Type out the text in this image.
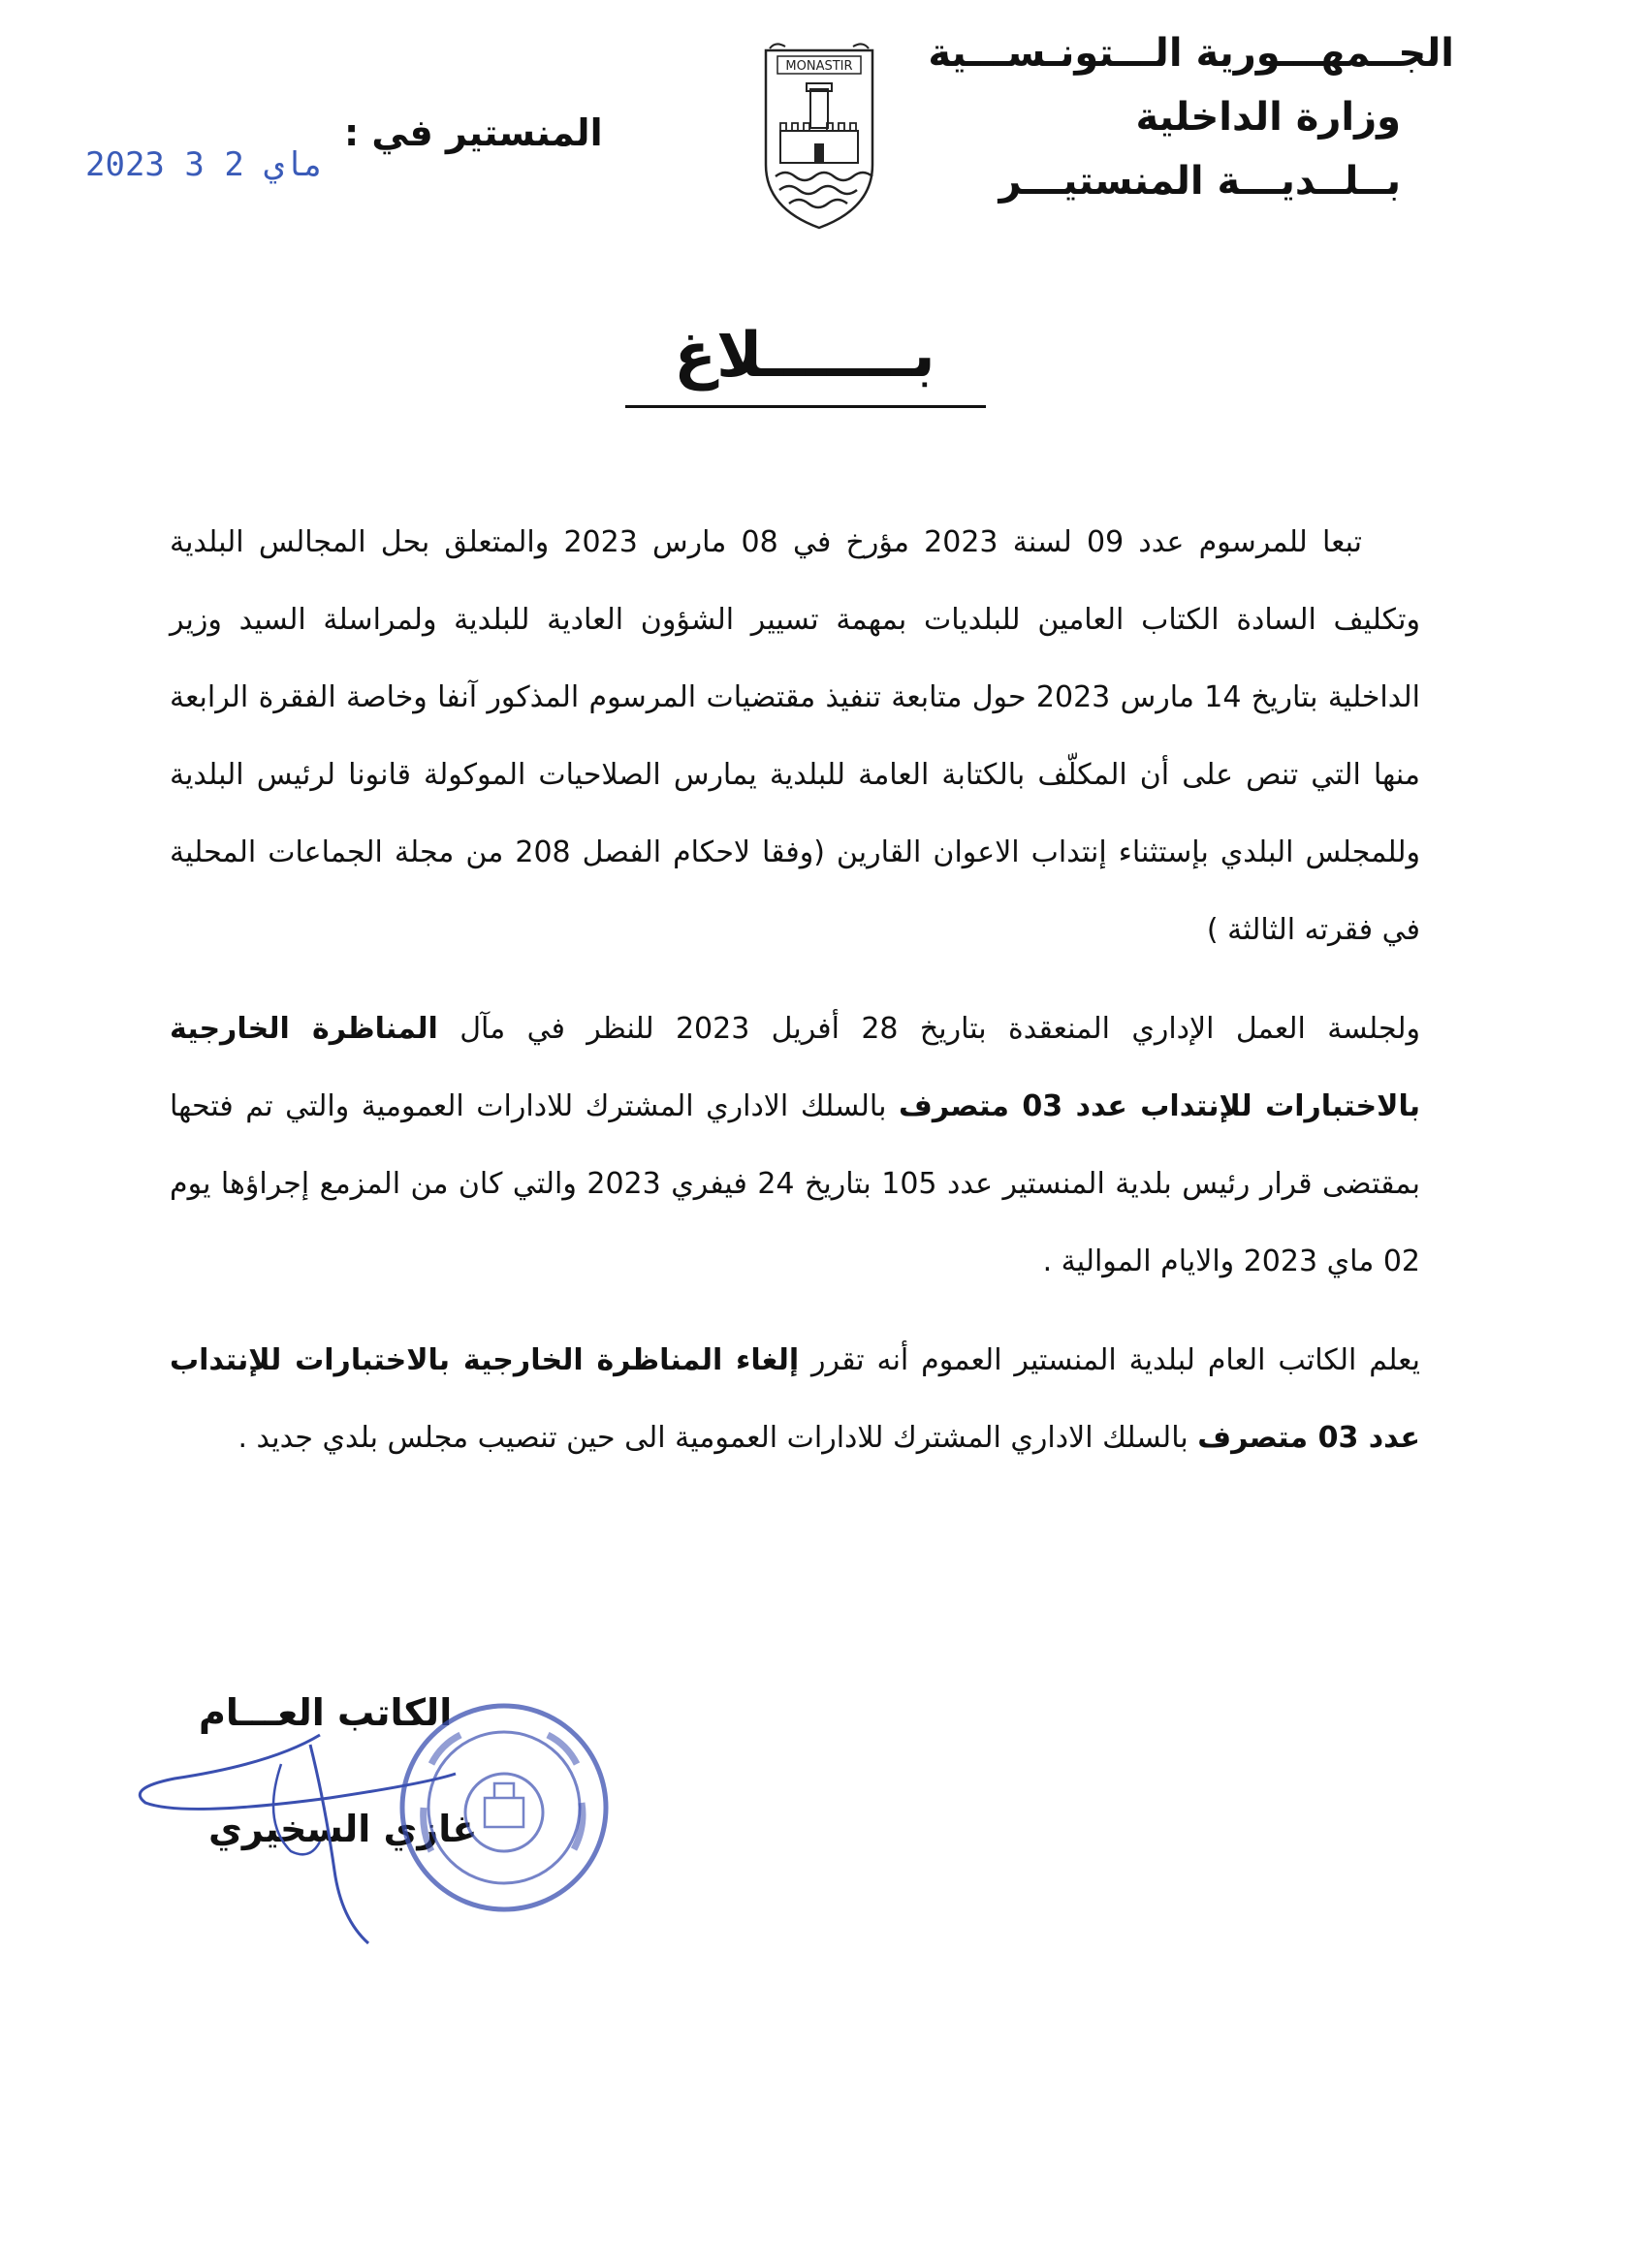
الجــمهـــورية الـــتونـســـية
وزارة الداخلية
بــلــديـــة المنستيـــر
MONASTIR
المنستير في :
2023 ماي 2 3
بـــــــلاغ

تبعا للمرسوم عدد 09 لسنة 2023 مؤرخ في 08 مارس 2023 والمتعلق بحل المجالس البلدية وتكليف السادة الكتاب العامين للبلديات بمهمة تسيير الشؤون العادية للبلدية ولمراسلة السيد وزير الداخلية بتاريخ 14 مارس 2023 حول متابعة تنفيذ مقتضيات المرسوم المذكور آنفا وخاصة الفقرة الرابعة منها التي تنص على أن المكلّف بالكتابة العامة للبلدية يمارس الصلاحيات الموكولة قانونا لرئيس البلدية وللمجلس البلدي بإستثناء إنتداب الاعوان القارين (وفقا لاحكام الفصل 208 من مجلة الجماعات المحلية في فقرته الثالثة )

ولجلسة العمل الإداري المنعقدة بتاريخ 28 أفريل 2023 للنظر في مآل المناظرة الخارجية بالاختبارات للإنتداب عدد 03 متصرف بالسلك الاداري المشترك للادارات العمومية والتي تم فتحها بمقتضى قرار رئيس بلدية المنستير عدد 105 بتاريخ 24 فيفري 2023 والتي كان من المزمع إجراؤها يوم 02 ماي 2023 والايام الموالية .

يعلم الكاتب العام لبلدية المنستير العموم أنه تقرر إلغاء المناظرة الخارجية بالاختبارات للإنتداب عدد 03 متصرف بالسلك الاداري المشترك للادارات العمومية الى حين تنصيب مجلس بلدي جديد .

الكاتب العـــام
غازي السخيري
